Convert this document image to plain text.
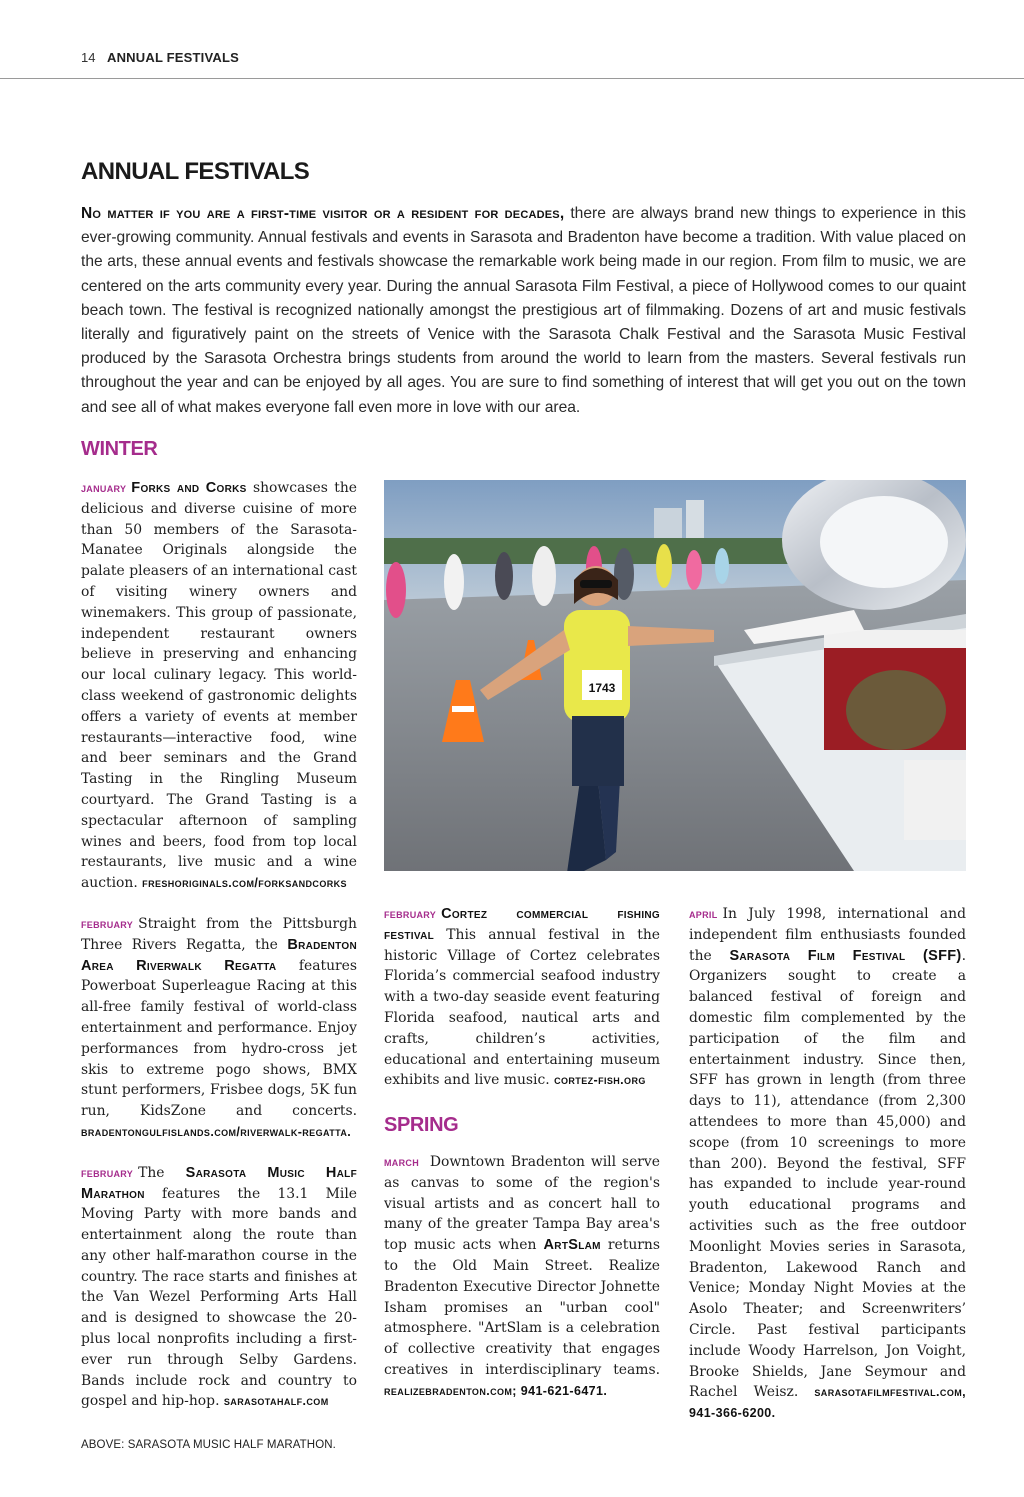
14 ANNUAL FESTIVALS
ANNUAL FESTIVALS

No matter if you are a first-time visitor or a resident for decades, there are always brand new things to experience in this ever-growing community. Annual festivals and events in Sarasota and Bradenton have become a tradition. With value placed on the arts, these annual events and festivals showcase the remarkable work being made in our region. From film to music, we are centered on the arts community every year. During the annual Sarasota Film Festival, a piece of Hollywood comes to our quaint beach town. The festival is recognized nationally amongst the prestigious art of filmmaking. Dozens of art and music festivals literally and figuratively paint on the streets of Venice with the Sarasota Chalk Festival and the Sarasota Music Festival produced by the Sarasota Orchestra brings students from around the world to learn from the masters. Several festivals run throughout the year and can be enjoyed by all ages. You are sure to find something of interest that will get you out on the town and see all of what makes everyone fall even more in love with our area.

WINTER

january Forks and Corks showcases the delicious and diverse cuisine of more than 50 members of the Sarasota-Manatee Originals alongside the palate pleasers of an international cast of visiting winery owners and winemakers. This group of passionate, independent restaurant owners believe in preserving and enhancing our local culinary legacy. This world-class weekend of gastronomic delights offers a variety of events at member restaurants—interactive food, wine and beer seminars and the Grand Tasting in the Ringling Museum courtyard. The Grand Tasting is a spectacular afternoon of sampling wines and beers, food from top local restaurants, live music and a wine auction. freshoriginals.com/forksandcorks

february Straight from the Pittsburgh Three Rivers Regatta, the Bradenton Area Riverwalk Regatta features Powerboat Superleague Racing at this all-free family festival of world-class entertainment and performance. Enjoy performances from hydro-cross jet skis to extreme pogo shows, BMX stunt performers, Frisbee dogs, 5K fun run, KidsZone and concerts. bradentongulfislands.com/riverwalk-regatta.

february The Sarasota Music Half Marathon features the 13.1 Mile Moving Party with more bands and entertainment along the route than any other half-marathon course in the country. The race starts and finishes at the Van Wezel Performing Arts Hall and is designed to showcase the 20-plus local nonprofits including a first-ever run through Selby Gardens. Bands include rock and country to gospel and hip-hop. sarasotahalf.com

1743

february Cortez commercial fishing festival This annual festival in the historic Village of Cortez celebrates Florida’s commercial seafood industry with a two-day seaside event featuring Florida seafood, nautical arts and crafts, children’s activities, educational and entertaining museum exhibits and live music. cortez-fish.org

SPRING

march Downtown Bradenton will serve as canvas to some of the region's visual artists and as concert hall to many of the greater Tampa Bay area's top music acts when ArtSlam returns to the Old Main Street. Realize Bradenton Executive Director Johnette Isham promises an "urban cool" atmosphere. "ArtSlam is a celebration of collective creativity that engages creatives in interdisciplinary teams. realizebradenton.com; 941-621-6471.

april In July 1998, international and independent film enthusiasts founded the Sarasota Film Festival (SFF). Organizers sought to create a balanced festival of foreign and domestic film complemented by the participation of the film and entertainment industry. Since then, SFF has grown in length (from three days to 11), attendance (from 2,300 attendees to more than 45,000) and scope (from 10 screenings to more than 200). Beyond the festival, SFF has expanded to include year-round youth educational programs and activities such as the free outdoor Moonlight Movies series in Sarasota, Bradenton, Lakewood Ranch and Venice; Monday Night Movies at the Asolo Theater; and Screenwriters’ Circle. Past festival participants include Woody Harrelson, Jon Voight, Brooke Shields, Jane Seymour and Rachel Weisz. sarasotafilmfestival.com, 941-366-6200.

ABOVE: SARASOTA MUSIC HALF MARATHON.
